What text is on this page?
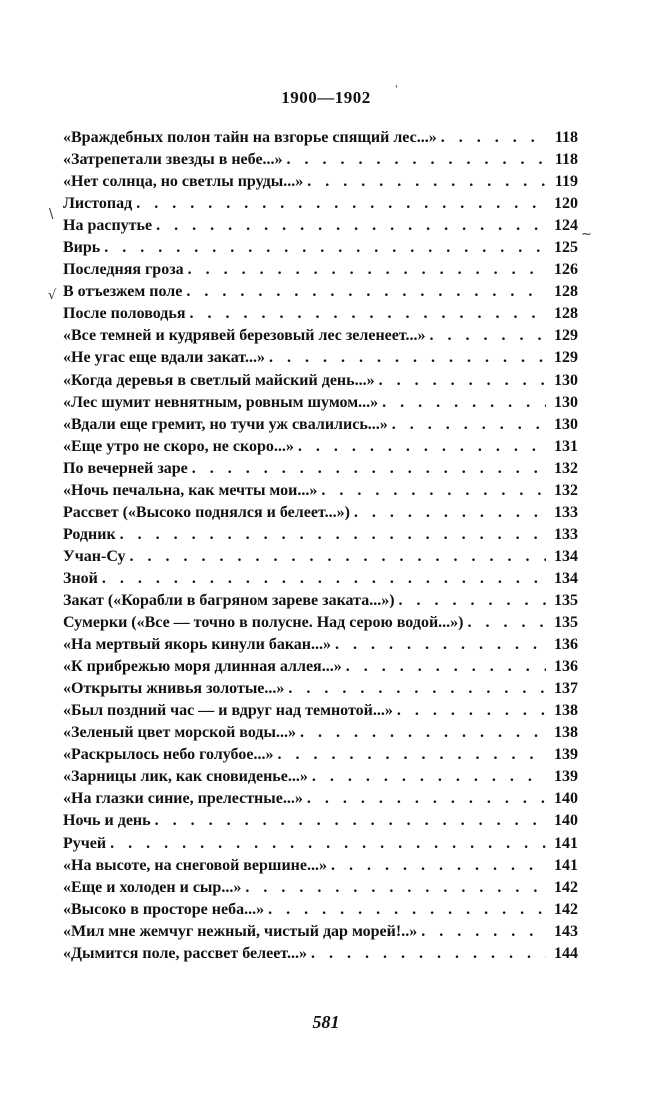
1900—1902
«Враждебных полон тайн на взгорье спящий лес...» . . .	118
«Затрепетали звезды в небе...» . . .	118
«Нет солнца, но светлы пруды...» . . .	119
Листопад . . .	120
На распутье . . .	124
Вирь . . .	125
Последняя гроза . . .	126
В отъезжем поле . . .	128
После половодья . . .	128
«Все темней и кудрявей березовый лес зеленеет...» . . .	129
«Не угас еще вдали закат...» . . .	129
«Когда деревья в светлый майский день...» . . .	130
«Лес шумит невнятным, ровным шумом...» . . .	130
«Вдали еще гремит, но тучи уж свалились...» . . .	130
«Еще утро не скоро, не скоро...» . . .	131
По вечерней заре . . .	132
«Ночь печальна, как мечты мои...» . . .	132
Рассвет («Высоко поднялся и белеет...») . . .	133
Родник . . .	133
Учан-Су . . .	134
Зной . . .	134
Закат («Корабли в багряном зареве заката...») . . .	135
Сумерки («Все — точно в полусне. Над серою водой...») . . .	135
«На мертвый якорь кинули бакан...» . . .	136
«К прибрежью моря длинная аллея...» . . .	136
«Открыты жнивья золотые...» . . .	137
«Был поздний час — и вдруг над темнотой...» . . .	138
«Зеленый цвет морской воды...» . . .	138
«Раскрылось небо голубое...» . . .	139
«Зарницы лик, как сновиденье...» . . .	139
«На глазки синие, прелестные...» . . .	140
Ночь и день . . .	140
Ручей . . .	141
«На высоте, на снеговой вершине...» . . .	141
«Еще и холоден и сыр...» . . .	142
«Высоко в просторе неба...» . . .	142
«Мил мне жемчуг нежный, чистый дар морей!..» . . .	143
«Дымится поле, рассвет белеет...» . . .	144
581
\
~
√
'
